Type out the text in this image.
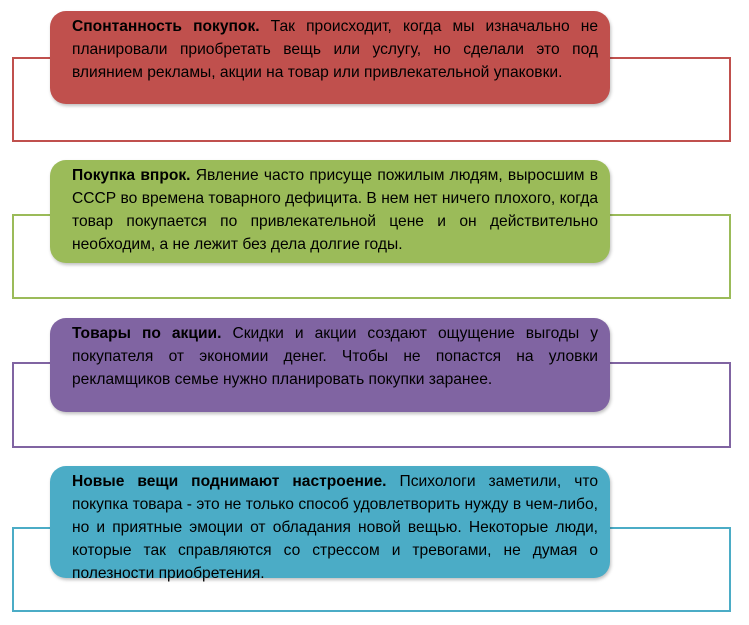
Спонтанность покупок. Так происходит, когда мы изначально не планировали приобретать вещь или услугу, но сделали это под влиянием рекламы, акции на товар или привлекательной упаковки.
Покупка впрок. Явление часто присуще пожилым людям, выросшим в СССР во времена товарного дефицита. В нем нет ничего плохого, когда товар покупается по привлекательной цене и он действительно необходим, а не лежит без дела долгие годы.
Товары по акции. Скидки и акции создают ощущение выгоды у покупателя от экономии денег. Чтобы не попастся на уловки рекламщиков семье нужно планировать покупки заранее.
Новые вещи поднимают настроение. Психологи заметили, что покупка товара - это не только способ удовлетворить нужду в чем-либо, но и приятные эмоции от обладания новой вещью. Некоторые люди, которые так справляются со стрессом и тревогами, не думая о полезности приобретения.
